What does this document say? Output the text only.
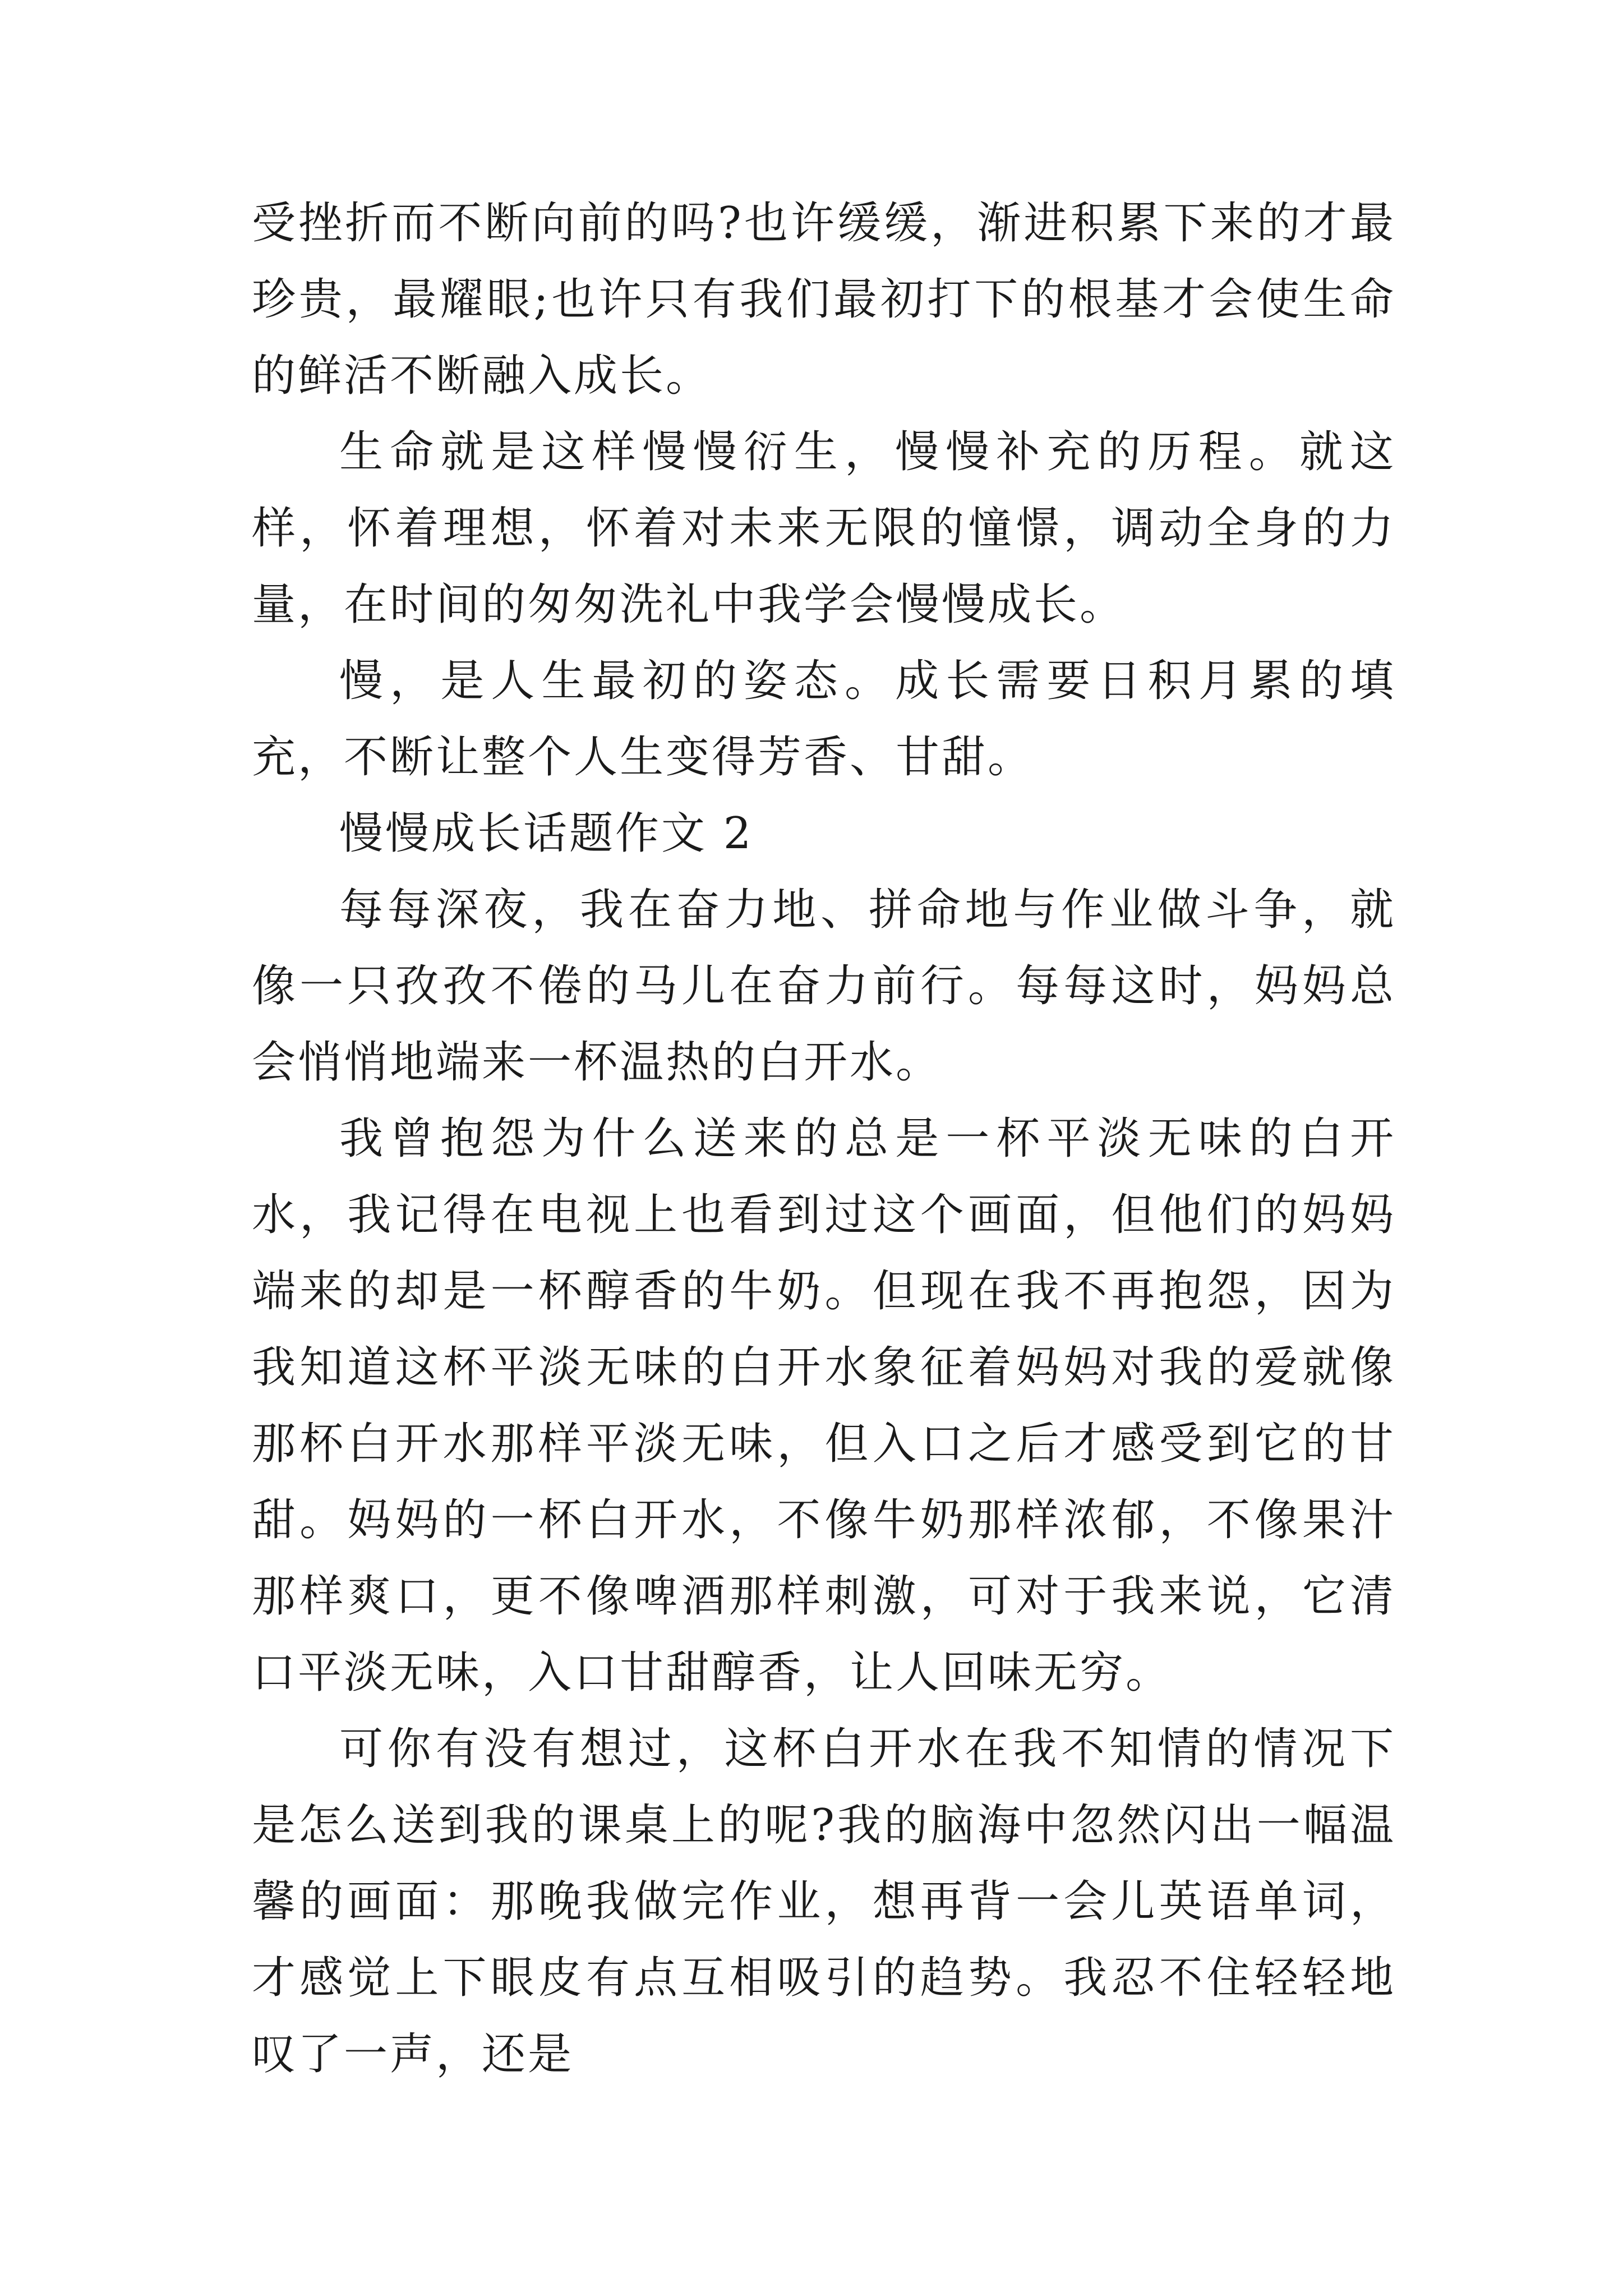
受挫折而不断向前的吗?也许缓缓，渐进积累下来的才最珍贵，最耀眼;也许只有我们最初打下的根基才会使生命的鲜活不断融入成长。

生命就是这样慢慢衍生，慢慢补充的历程。就这样，怀着理想，怀着对未来无限的憧憬，调动全身的力量，在时间的匆匆洗礼中我学会慢慢成长。

慢，是人生最初的姿态。成长需要日积月累的填充，不断让整个人生变得芳香、甘甜。

慢慢成长话题作文 2

每每深夜，我在奋力地、拼命地与作业做斗争，就像一只孜孜不倦的马儿在奋力前行。每每这时，妈妈总会悄悄地端来一杯温热的白开水。

我曾抱怨为什么送来的总是一杯平淡无味的白开水，我记得在电视上也看到过这个画面，但他们的妈妈端来的却是一杯醇香的牛奶。但现在我不再抱怨，因为我知道这杯平淡无味的白开水象征着妈妈对我的爱就像那杯白开水那样平淡无味，但入口之后才感受到它的甘甜。妈妈的一杯白开水，不像牛奶那样浓郁，不像果汁那样爽口，更不像啤酒那样刺激，可对于我来说，它清口平淡无味，入口甘甜醇香，让人回味无穷。

可你有没有想过，这杯白开水在我不知情的情况下是怎么送到我的课桌上的呢?我的脑海中忽然闪出一幅温馨的画面：那晚我做完作业，想再背一会儿英语单词，才感觉上下眼皮有点互相吸引的趋势。我忍不住轻轻地叹了一声，还是
